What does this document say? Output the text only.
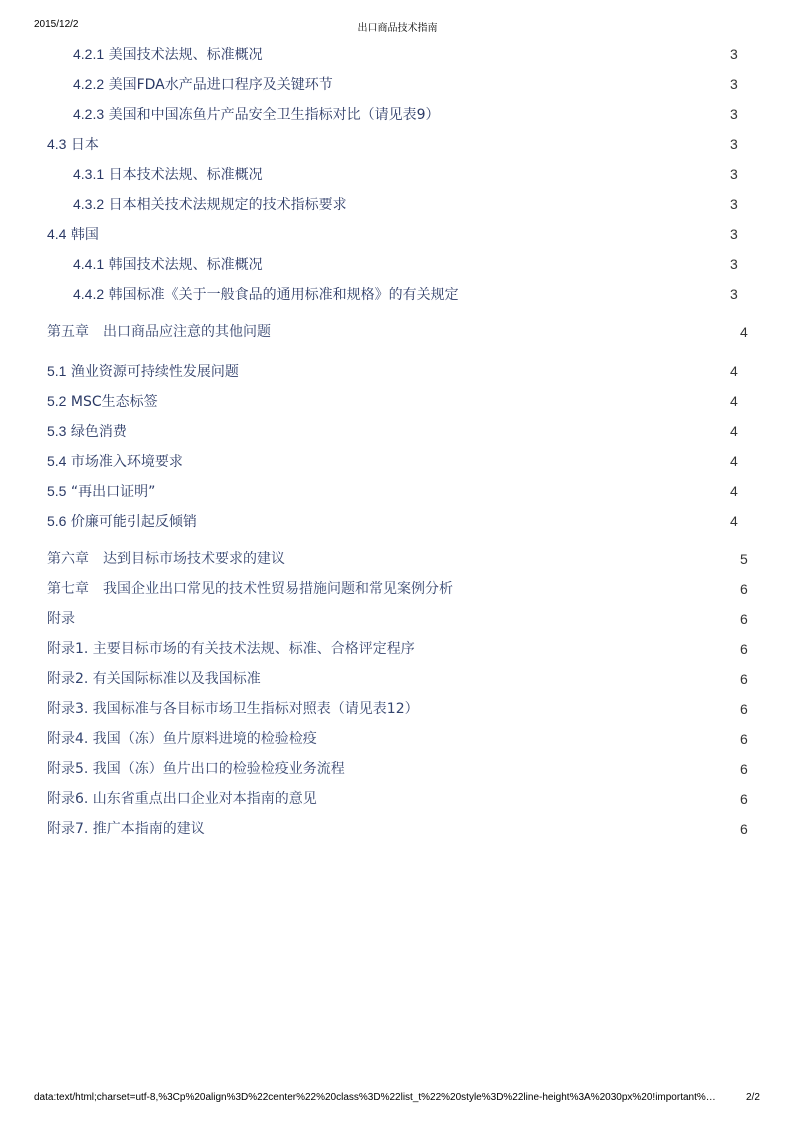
2015/12/2	出口商品技术指南
4.2.1 美国技术法规、标准概况	3
4.2.2 美国FDA水产品进口程序及关键环节	3
4.2.3 美国和中国冻鱼片产品安全卫生指标对比（请见表9）	3
4.3 日本	3
4.3.1 日本技术法规、标准概况	3
4.3.2 日本相关技术法规规定的技术指标要求	3
4.4 韩国	3
4.4.1 韩国技术法规、标准概况	3
4.4.2 韩国标准《关于一般食品的通用标准和规格》的有关规定	3
第五章　出口商品应注意的其他问题	4
5.1 渔业资源可持续性发展问题	4
5.2 MSC生态标签	4
5.3 绿色消费	4
5.4 市场准入环境要求	4
5.5 “再出口证明”	4
5.6 价廉可能引起反倾销	4
第六章　达到目标市场技术要求的建议	5
第七章　我国企业出口常见的技术性贸易措施问题和常见案例分析	6
附录	6
附录1. 主要目标市场的有关技术法规、标准、合格评定程序	6
附录2. 有关国际标准以及我国标准	6
附录3. 我国标准与各目标市场卫生指标对照表（请见表12）	6
附录4. 我国（冻）鱼片原料进境的检验检疫	6
附录5. 我国（冻）鱼片出口的检验检疫业务流程	6
附录6. 山东省重点出口企业对本指南的意见	6
附录7. 推广本指南的建议	6
data:text/html;charset=utf-8,%3Cp%20align%3D%22center%22%20class%3D%22list_t%22%20style%3D%22line-height%3A%2030px%20!important%…	2/2
